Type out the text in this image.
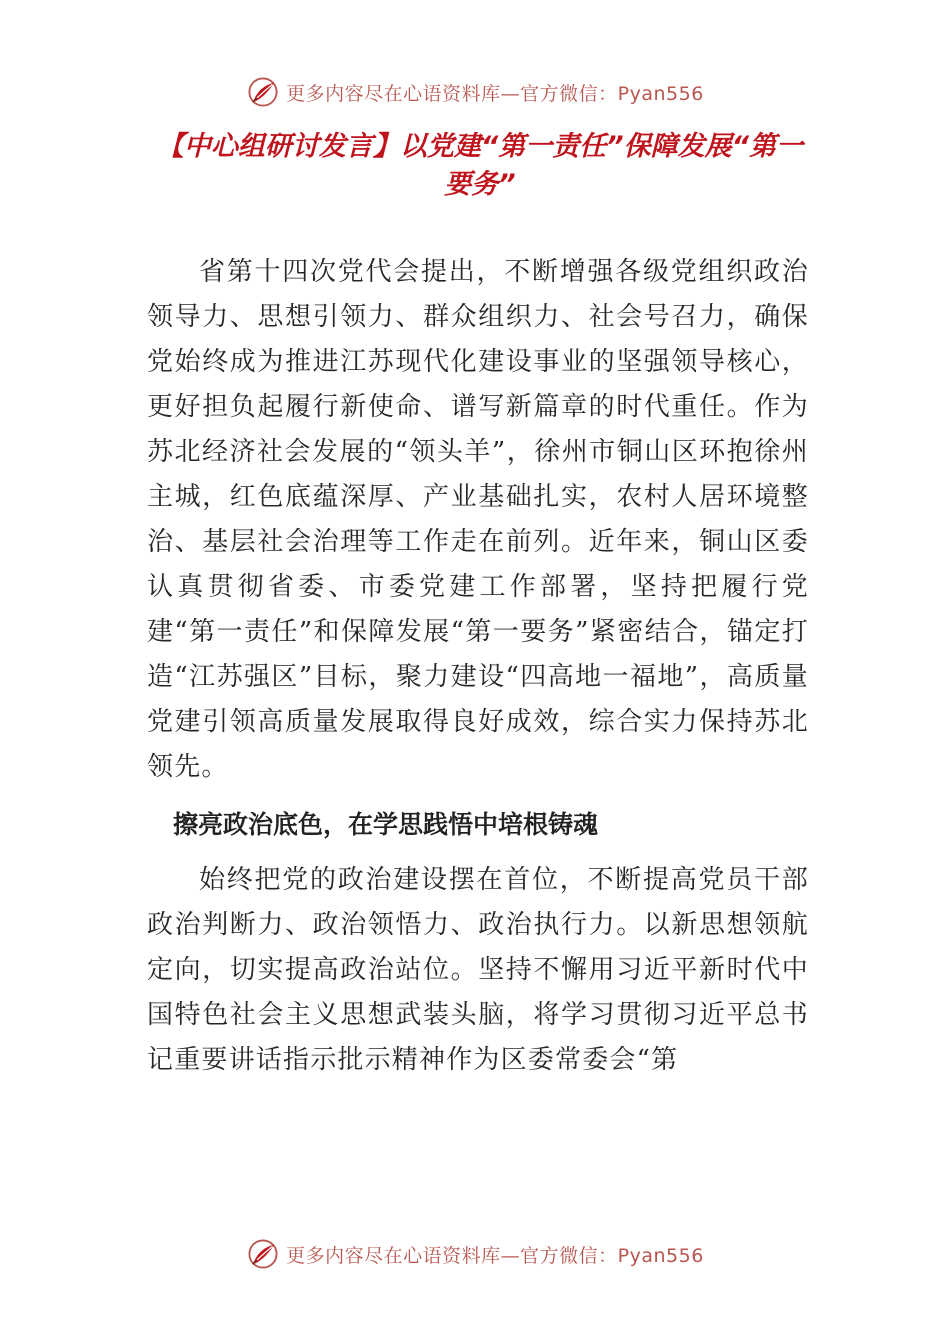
更多内容尽在心语资料库—官方微信：Pyan556
【中心组研讨发言】以党建“第一责任”保障发展“第一要务”

省第十四次党代会提出，不断增强各级党组织政治领导力、思想引领力、群众组织力、社会号召力，确保党始终成为推进江苏现代化建设事业的坚强领导核心，更好担负起履行新使命、谱写新篇章的时代重任。作为苏北经济社会发展的“领头羊”，徐州市铜山区环抱徐州主城，红色底蕴深厚、产业基础扎实，农村人居环境整治、基层社会治理等工作走在前列。近年来，铜山区委认真贯彻省委、市委党建工作部署，坚持把履行党建“第一责任”和保障发展“第一要务”紧密结合，锚定打造“江苏强区”目标，聚力建设“四高地一福地”，高质量党建引领高质量发展取得良好成效，综合实力保持苏北领先。

擦亮政治底色，在学思践悟中培根铸魂

始终把党的政治建设摆在首位，不断提高党员干部政治判断力、政治领悟力、政治执行力。以新思想领航定向，切实提高政治站位。坚持不懈用习近平新时代中国特色社会主义思想武装头脑，将学习贯彻习近平总书记重要讲话指示批示精神作为区委常委会“第

更多内容尽在心语资料库—官方微信：Pyan556
